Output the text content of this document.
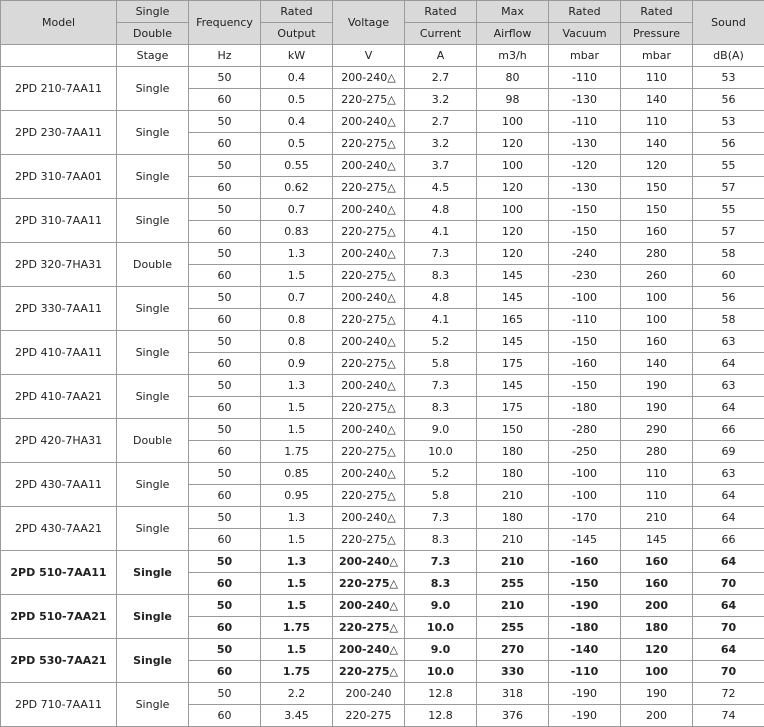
Model	Single	Frequency	Rated	Voltage	Rated	Max	Rated	Rated	Sound
	Double		Output		Current	Airflow	Vacuum	Pressure	
	Stage	Hz	kW	V	A	m3/h	mbar	mbar	dB(A)
2PD 210-7AA11	Single	50	0.4	200-240△	2.7	80	-110	110	53
		60	0.5	220-275△	3.2	98	-130	140	56
2PD 230-7AA11	Single	50	0.4	200-240△	2.7	100	-110	110	53
		60	0.5	220-275△	3.2	120	-130	140	56
2PD 310-7AA01	Single	50	0.55	200-240△	3.7	100	-120	120	55
		60	0.62	220-275△	4.5	120	-130	150	57
2PD 310-7AA11	Single	50	0.7	200-240△	4.8	100	-150	150	55
		60	0.83	220-275△	4.1	120	-150	160	57
2PD 320-7HA31	Double	50	1.3	200-240△	7.3	120	-240	280	58
		60	1.5	220-275△	8.3	145	-230	260	60
2PD 330-7AA11	Single	50	0.7	200-240△	4.8	145	-100	100	56
		60	0.8	220-275△	4.1	165	-110	100	58
2PD 410-7AA11	Single	50	0.8	200-240△	5.2	145	-150	160	63
		60	0.9	220-275△	5.8	175	-160	140	64
2PD 410-7AA21	Single	50	1.3	200-240△	7.3	145	-150	190	63
		60	1.5	220-275△	8.3	175	-180	190	64
2PD 420-7HA31	Double	50	1.5	200-240△	9.0	150	-280	290	66
		60	1.75	220-275△	10.0	180	-250	280	69
2PD 430-7AA11	Single	50	0.85	200-240△	5.2	180	-100	110	63
		60	0.95	220-275△	5.8	210	-100	110	64
2PD 430-7AA21	Single	50	1.3	200-240△	7.3	180	-170	210	64
		60	1.5	220-275△	8.3	210	-145	145	66
2PD 510-7AA11	Single	50	1.3	200-240△	7.3	210	-160	160	64
		60	1.5	220-275△	8.3	255	-150	160	70
2PD 510-7AA21	Single	50	1.5	200-240△	9.0	210	-190	200	64
		60	1.75	220-275△	10.0	255	-180	180	70
2PD 530-7AA21	Single	50	1.5	200-240△	9.0	270	-140	120	64
		60	1.75	220-275△	10.0	330	-110	100	70
2PD 710-7AA11	Single	50	2.2	200-240	12.8	318	-190	190	72
		60	3.45	220-275	12.8	376	-190	200	74
